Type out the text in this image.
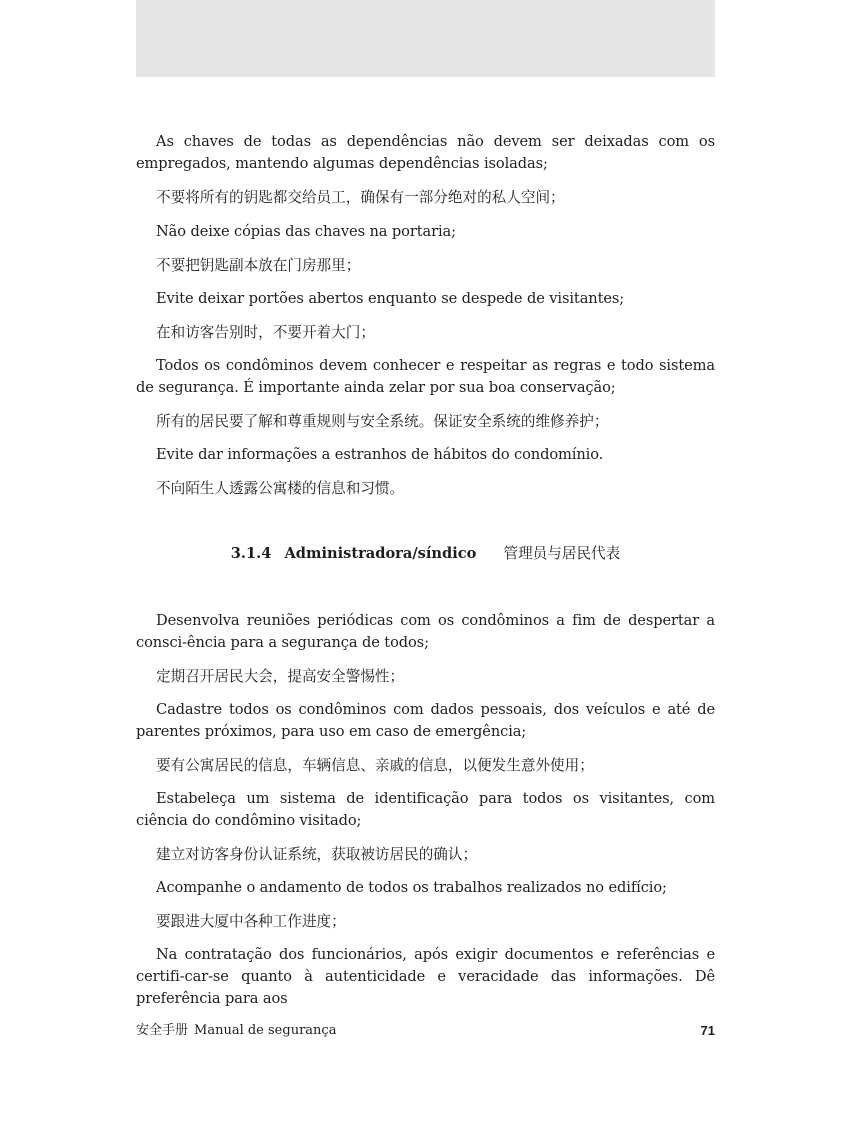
As chaves de todas as dependências não devem ser deixadas com os empregados, mantendo algumas dependências isoladas;

不要将所有的钥匙都交给员工，确保有一部分绝对的私人空间；

Não deixe cópias das chaves na portaria;

不要把钥匙副本放在门房那里；

Evite deixar portões abertos enquanto se despede de visitantes;

在和访客告别时，不要开着大门；

Todos os condôminos devem conhecer e respeitar as regras e todo sistema de segurança. É importante ainda zelar por sua boa conservação;

所有的居民要了解和尊重规则与安全系统。保证安全系统的维修养护；

Evite dar informações a estranhos de hábitos do condomínio.

不向陌生人透露公寓楼的信息和习惯。

3.1.4 Administradora/síndico 管理员与居民代表

Desenvolva reuniões periódicas com os condôminos a fim de despertar a consci-ência para a segurança de todos;

定期召开居民大会，提高安全警惕性；

Cadastre todos os condôminos com dados pessoais, dos veículos e até de parentes próximos, para uso em caso de emergência;

要有公寓居民的信息，车辆信息、亲戚的信息，以便发生意外使用；

Estabeleça um sistema de identificação para todos os visitantes, com ciência do condômino visitado;

建立对访客身份认证系统，获取被访居民的确认；

Acompanhe o andamento de todos os trabalhos realizados no edifício;

要跟进大厦中各种工作进度；

Na contratação dos funcionários, após exigir documentos e referências e certifi-car-se quanto à autenticidade e veracidade das informações. Dê preferência para aos

安全手册 Manual de segurança	71
